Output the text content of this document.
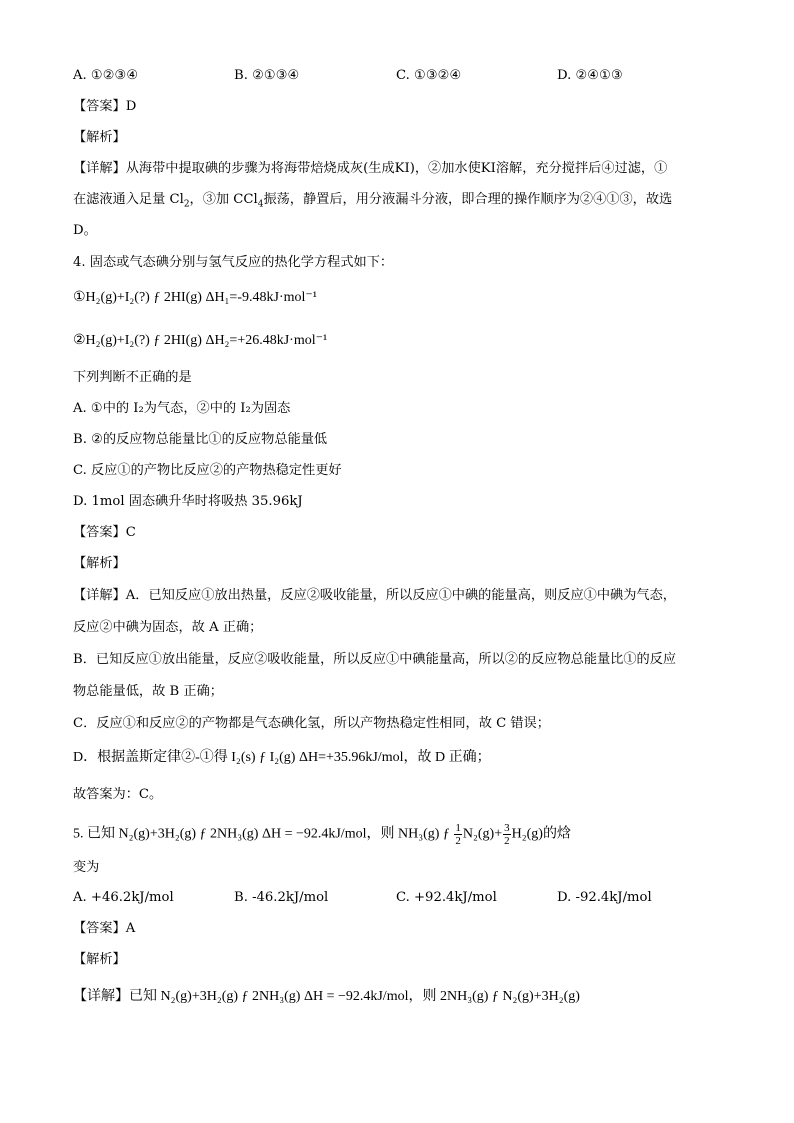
A. ①②③④	B. ②①③④	C. ①③②④	D. ②④①③
【答案】D
【解析】
【详解】从海带中提取碘的步骤为将海带焙烧成灰(生成KI)，②加水使KI溶解，充分搅拌后④过滤，①
在滤液通入足量 $Cl_2$，③加 CCl$_4$振荡，静置后，用分液漏斗分液，即合理的操作顺序为②④①③，故选
D。
4. 固态或气态碘分别与氢气反应的热化学方程式如下：
①H₂(g)+I₂(?) ƒ 2HI(g) ΔH₁=-9.48kJ·mol⁻¹
②H₂(g)+I₂(?) ƒ 2HI(g) ΔH₂=+26.48kJ·mol⁻¹
下列判断不正确的是
A. ①中的 I₂为气态，②中的 I₂为固态
B. ②的反应物总能量比①的反应物总能量低
C. 反应①的产物比反应②的产物热稳定性更好
D. 1mol 固态碘升华时将吸热 35.96kJ
【答案】C
【解析】
【详解】A．已知反应①放出热量，反应②吸收能量，所以反应①中碘的能量高，则反应①中碘为气态，
反应②中碘为固态，故 A 正确；
B．已知反应①放出能量，反应②吸收能量，所以反应①中碘能量高，所以②的反应物总能量比①的反应
物总能量低，故 B 正确；
C．反应①和反应②的产物都是气态碘化氢，所以产物热稳定性相同，故 C 错误；
D．根据盖斯定律②-①得 I₂(s) ƒ I₂(g) ΔH=+35.96kJ/mol，故 D 正确；
故答案为：C。
5. 已知 N₂(g)+3H₂(g) ƒ 2NH₃(g) ΔH = −92.4kJ/mol，则 NH₃(g) ƒ $\frac{1}{2} N_2(g)+ \frac{3}{2} H_2(g)$的焓
变为
A. +46.2kJ/mol	B. -46.2kJ/mol	C. +92.4kJ/mol	D. -92.4kJ/mol
【答案】A
【解析】
【详解】已知 N₂(g)+3H₂(g) ƒ 2NH₃(g) ΔH = −92.4kJ/mol，则 2NH₃(g) ƒ N₂(g)+3H₂(g)
